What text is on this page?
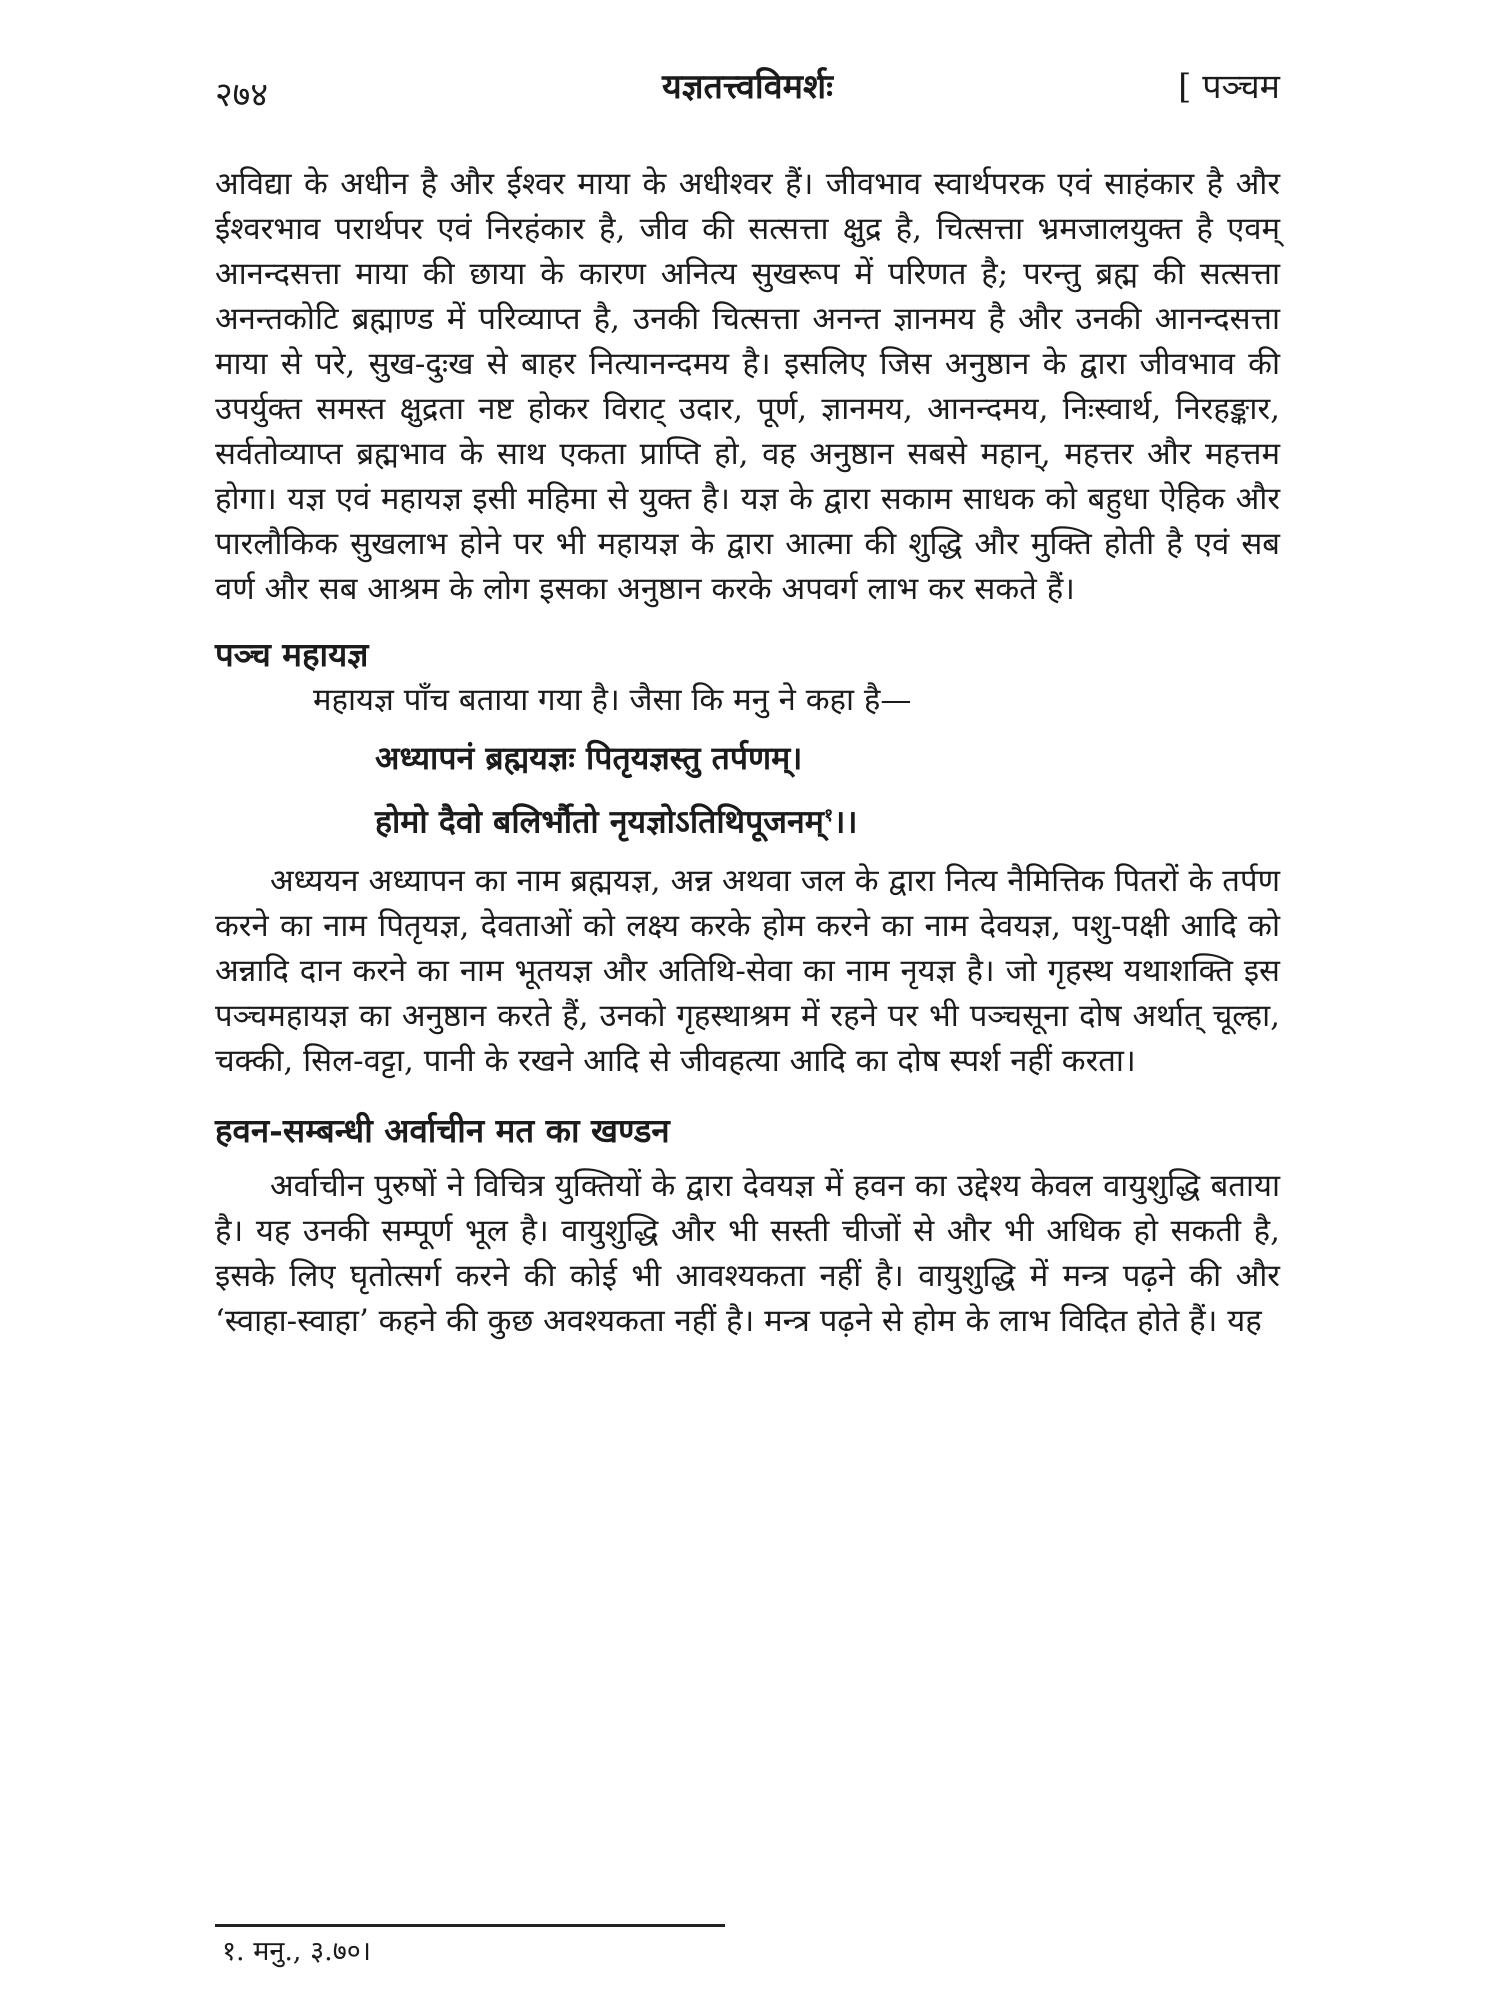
२७४	यज्ञतत्त्वविमर्शः	[ पञ्चम

अविद्या के अधीन है और ईश्वर माया के अधीश्वर हैं। जीवभाव स्वार्थपरक एवं साहंकार है और ईश्वरभाव परार्थपर एवं निरहंकार है, जीव की सत्सत्ता क्षुद्र है, चित्सत्ता भ्रमजालयुक्त है एवम् आनन्दसत्ता माया की छाया के कारण अनित्य सुखरूप में परिणत है; परन्तु ब्रह्म की सत्सत्ता अनन्तकोटि ब्रह्माण्ड में परिव्याप्त है, उनकी चित्सत्ता अनन्त ज्ञानमय है और उनकी आनन्दसत्ता माया से परे, सुख-दुःख से बाहर नित्यानन्दमय है। इसलिए जिस अनुष्ठान के द्वारा जीवभाव की उपर्युक्त समस्त क्षुद्रता नष्ट होकर विराट् उदार, पूर्ण, ज्ञानमय, आनन्दमय, निःस्वार्थ, निरहङ्कार, सर्वतोव्याप्त ब्रह्मभाव के साथ एकता प्राप्ति हो, वह अनुष्ठान सबसे महान्, महत्तर और महत्तम होगा। यज्ञ एवं महायज्ञ इसी महिमा से युक्त है। यज्ञ के द्वारा सकाम साधक को बहुधा ऐहिक और पारलौकिक सुखलाभ होने पर भी महायज्ञ के द्वारा आत्मा की शुद्धि और मुक्ति होती है एवं सब वर्ण और सब आश्रम के लोग इसका अनुष्ठान करके अपवर्ग लाभ कर सकते हैं।

पञ्च महायज्ञ

महायज्ञ पाँच बताया गया है। जैसा कि मनु ने कहा है—

अध्यापनं ब्रह्मयज्ञः पितृयज्ञस्तु तर्पणम्।

होमो दैवो बलिर्भौतो नृयज्ञोऽतिथिपूजनम्$^१$।।

अध्ययन अध्यापन का नाम ब्रह्मयज्ञ, अन्न अथवा जल के द्वारा नित्य नैमित्तिक पितरों के तर्पण करने का नाम पितृयज्ञ, देवताओं को लक्ष्य करके होम करने का नाम देवयज्ञ, पशु-पक्षी आदि को अन्नादि दान करने का नाम भूतयज्ञ और अतिथि-सेवा का नाम नृयज्ञ है। जो गृहस्थ यथाशक्ति इस पञ्चमहायज्ञ का अनुष्ठान करते हैं, उनको गृहस्थाश्रम में रहने पर भी पञ्चसूना दोष अर्थात् चूल्हा, चक्की, सिल-वट्टा, पानी के रखने आदि से जीवहत्या आदि का दोष स्पर्श नहीं करता।

हवन-सम्बन्धी अर्वाचीन मत का खण्डन

अर्वाचीन पुरुषों ने विचित्र युक्तियों के द्वारा देवयज्ञ में हवन का उद्देश्य केवल वायुशुद्धि बताया है। यह उनकी सम्पूर्ण भूल है। वायुशुद्धि और भी सस्ती चीजों से और भी अधिक हो सकती है, इसके लिए घृतोत्सर्ग करने की कोई भी आवश्यकता नहीं है। वायुशुद्धि में मन्त्र पढ़ने की और ‘स्वाहा-स्वाहा’ कहने की कुछ अवश्यकता नहीं है। मन्त्र पढ़ने से होम के लाभ विदित होते हैं। यह

१. मनु., ३.७०।
